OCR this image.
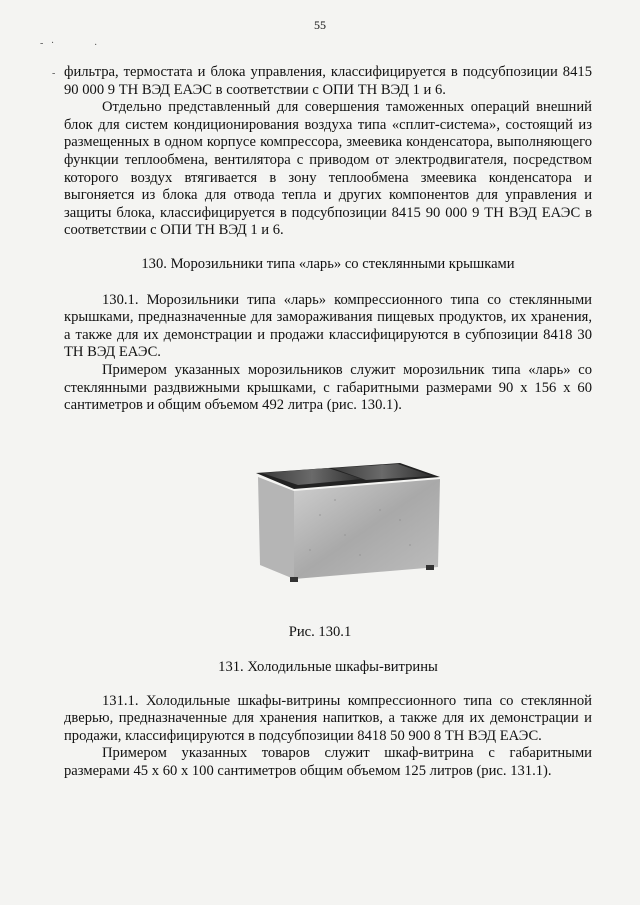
55
-   ·	·
- фильтра, термостата и блока управления, классифицируется в подсубпозиции 8415 90 000 9 ТН ВЭД ЕАЭС в соответствии с ОПИ ТН ВЭД 1 и 6.

Отдельно представленный для совершения таможенных операций внешний блок для систем кондиционирования воздуха типа «сплит-система», состоящий из размещенных в одном корпусе компрессора, змеевика конденсатора, выполняющего функции теплообмена, вентилятора с приводом от электродвигателя, посредством которого воздух втягивается в зону теплообмена змеевика конденсатора и выгоняется из блока для отвода тепла и других компонентов для управления и защиты блока, классифицируется в подсубпозиции 8415 90 000 9 ТН ВЭД ЕАЭС в соответствии с ОПИ ТН ВЭД 1 и 6.

130. Морозильники типа «ларь» со стеклянными крышками

130.1. Морозильники типа «ларь» компрессионного типа со стеклянными крышками, предназначенные для замораживания пищевых продуктов, их хранения, а также для их демонстрации и продажи классифицируются в субпозиции 8418 30 ТН ВЭД ЕАЭС.

Примером указанных морозильников служит морозильник типа «ларь» со стеклянными раздвижными крышками, с габаритными размерами 90 x 156 x 60 сантиметров и общим объемом 492 литра (рис. 130.1).

Рис. 130.1

131. Холодильные шкафы-витрины

131.1. Холодильные шкафы-витрины компрессионного типа со стеклянной дверью, предназначенные для хранения напитков, а также для их демонстрации и продажи, классифицируются в подсубпозиции 8418 50 900 8 ТН ВЭД ЕАЭС.

Примером указанных товаров служит шкаф-витрина с габаритными размерами 45 x 60 x 100 сантиметров общим объемом 125 литров (рис. 131.1).
